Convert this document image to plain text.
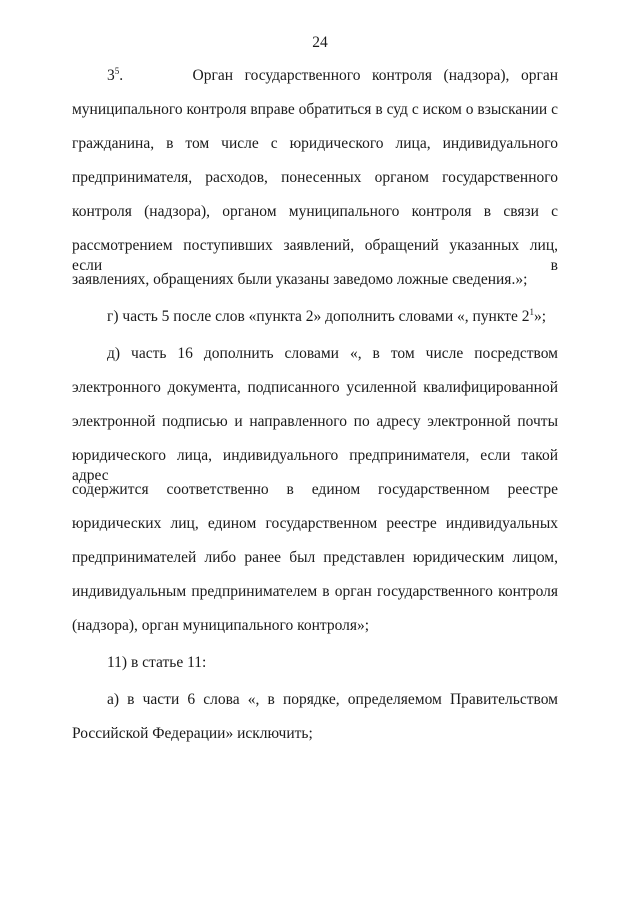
24
$3^5$.	Орган государственного контроля (надзора), орган
муниципального контроля вправе обратиться в суд с иском о взыскании с
гражданина, в том числе с юридического лица, индивидуального
предпринимателя, расходов, понесенных органом государственного
контроля (надзора), органом муниципального контроля в связи с
рассмотрением поступивших заявлений, обращений указанных лиц, если в
заявлениях, обращениях были указаны заведомо ложные сведения.»;
г) часть 5 после слов «пункта 2» дополнить словами «, пункте $2^1$»;
д) часть 16 дополнить словами «, в том числе посредством
электронного документа, подписанного усиленной квалифицированной
электронной подписью и направленного по адресу электронной почты
юридического лица, индивидуального предпринимателя, если такой адрес
содержится соответственно в едином государственном реестре
юридических лиц, едином государственном реестре индивидуальных
предпринимателей либо ранее был представлен юридическим лицом,
индивидуальным предпринимателем в орган государственного контроля
(надзора), орган муниципального контроля»;
11) в статье 11:
а) в части 6 слова «, в порядке, определяемом Правительством
Российской Федерации» исключить;
